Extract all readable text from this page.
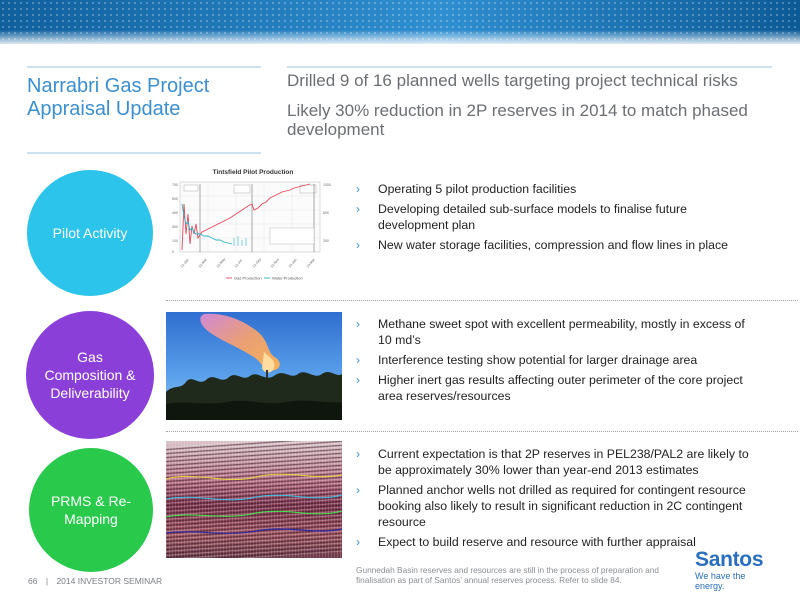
Narrabri Gas Project Appraisal Update
Drilled 9 of 16 planned wells targeting project technical risks
Likely 30% reduction in 2P reserves in 2014 to match phased development
Pilot Activity
Tintsfield Pilot Production
700
500
400
300
100
0
1000
600
200
12-Jan 12-Mar 12-May 12-Jul	12-Sep 12-Nov 13-Jan 13-Mar
Gas Production	Water Production
› Operating 5 pilot production facilities
› Developing detailed sub-surface models to finalise future development plan
› New water storage facilities, compression and flow lines in place
Gas Composition & Deliverability
› Methane sweet spot with excellent permeability, mostly in excess of 10 md’s
› Interference testing show potential for larger drainage area
› Higher inert gas results affecting outer perimeter of the core project area reserves/resources
PRMS & Re-Mapping
› Current expectation is that 2P reserves in PEL238/PAL2 are likely to be approximately 30% lower than year-end 2013 estimates
› Planned anchor wells not drilled as required for contingent resource booking also likely to result in significant reduction in 2C contingent resource
› Expect to build reserve and resource with further appraisal
66 | 2014 INVESTOR SEMINAR
Gunnedah Basin reserves and resources are still in the process of preparation and finalisation as part of Santos’ annual reserves process. Refer to slide 84.
Santos
We have the energy.
